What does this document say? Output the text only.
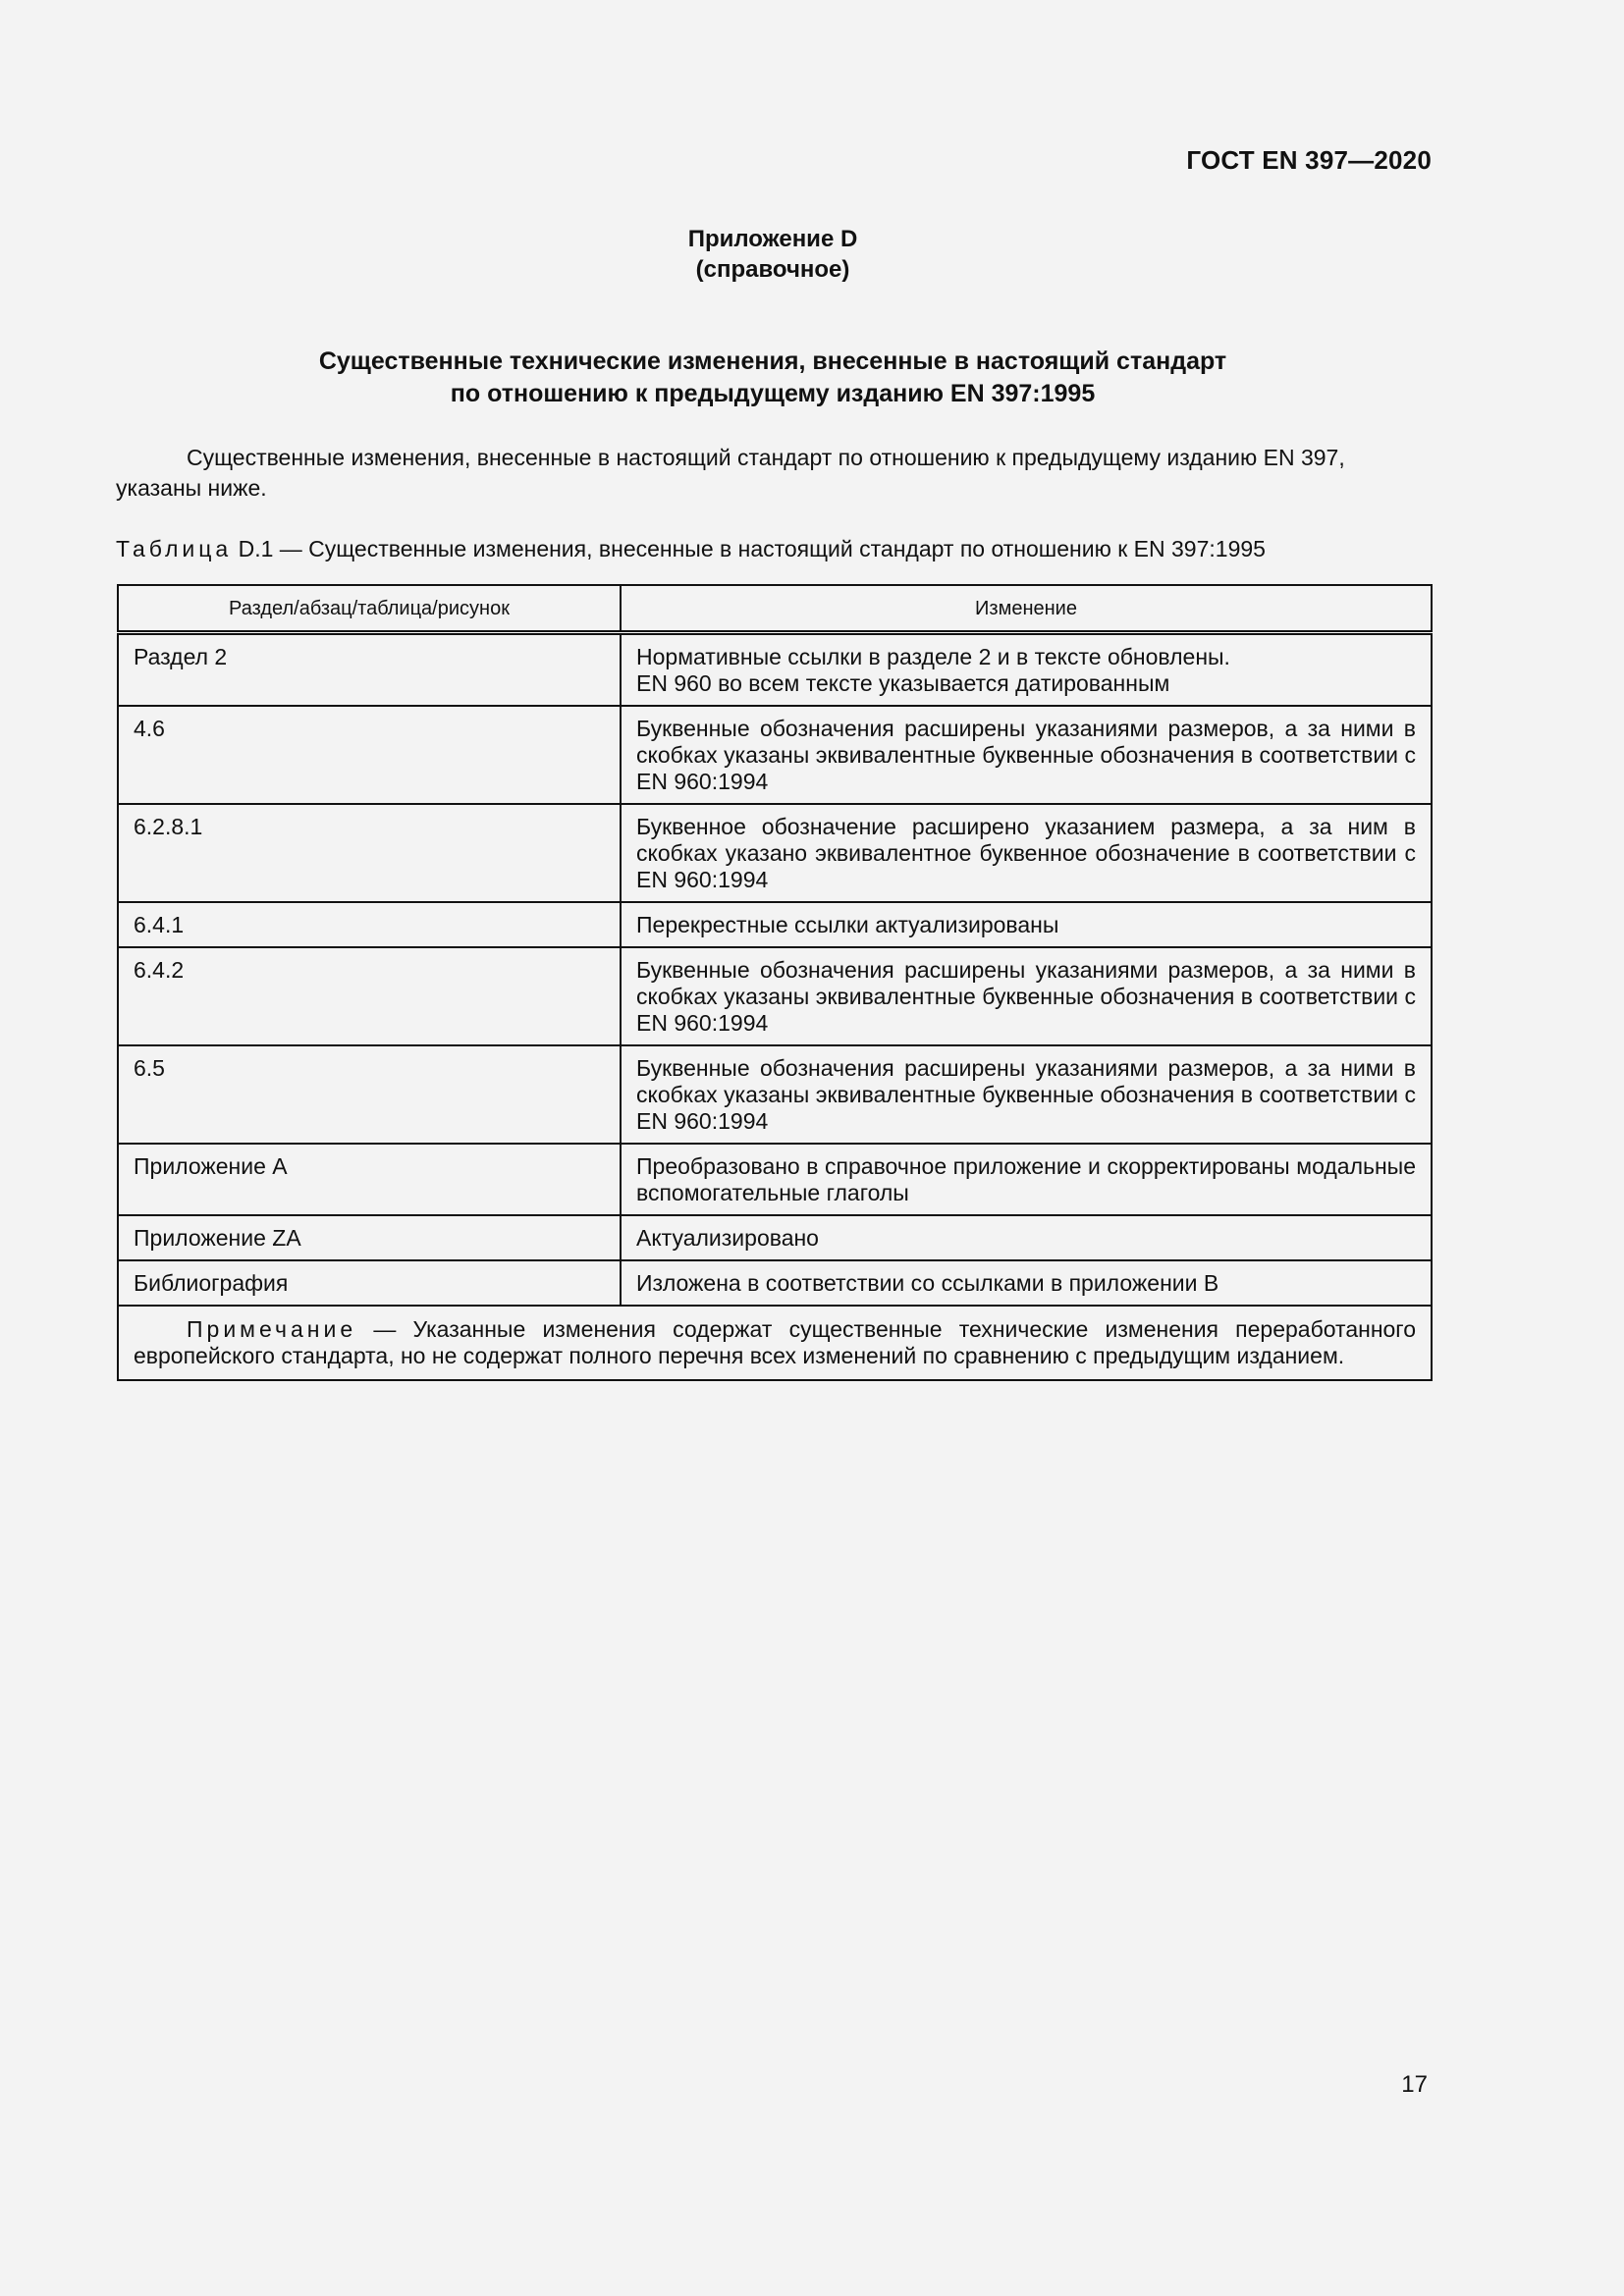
ГОСТ EN 397—2020
Приложение D
(справочное)
Существенные технические изменения, внесенные в настоящий стандарт
по отношению к предыдущему изданию EN 397:1995
Существенные изменения, внесенные в настоящий стандарт по отношению к предыдущему изданию EN 397, указаны ниже.
Таблица D.1 — Существенные изменения, внесенные в настоящий стандарт по отношению к EN 397:1995
Раздел/абзац/таблица/рисунок	Изменение
Раздел 2	Нормативные ссылки в разделе 2 и в тексте обновлены.
EN 960 во всем тексте указывается датированным

4.6	Буквенные обозначения расширены указаниями размеров, а за ними в скобках указаны эквивалентные буквенные обозначения в соответствии с EN 960:1994
6.2.8.1	Буквенное обозначение расширено указанием размера, а за ним в скобках указано эквивалентное буквенное обозначение в соответствии с EN 960:1994
6.4.1	Перекрестные ссылки актуализированы
6.4.2	Буквенные обозначения расширены указаниями размеров, а за ними в скобках указаны эквивалентные буквенные обозначения в соответствии с EN 960:1994
6.5	Буквенные обозначения расширены указаниями размеров, а за ними в скобках указаны эквивалентные буквенные обозначения в соответствии с EN 960:1994
Приложение А	Преобразовано в справочное приложение и скорректированы модальные вспомогательные глаголы
Приложение ZA	Актуализировано
Библиография	Изложена в соответствии со ссылками в приложении В
Примечание — Указанные изменения содержат существенные технические изменения переработанного европейского стандарта, но не содержат полного перечня всех изменений по сравнению с предыдущим изданием.	
17
